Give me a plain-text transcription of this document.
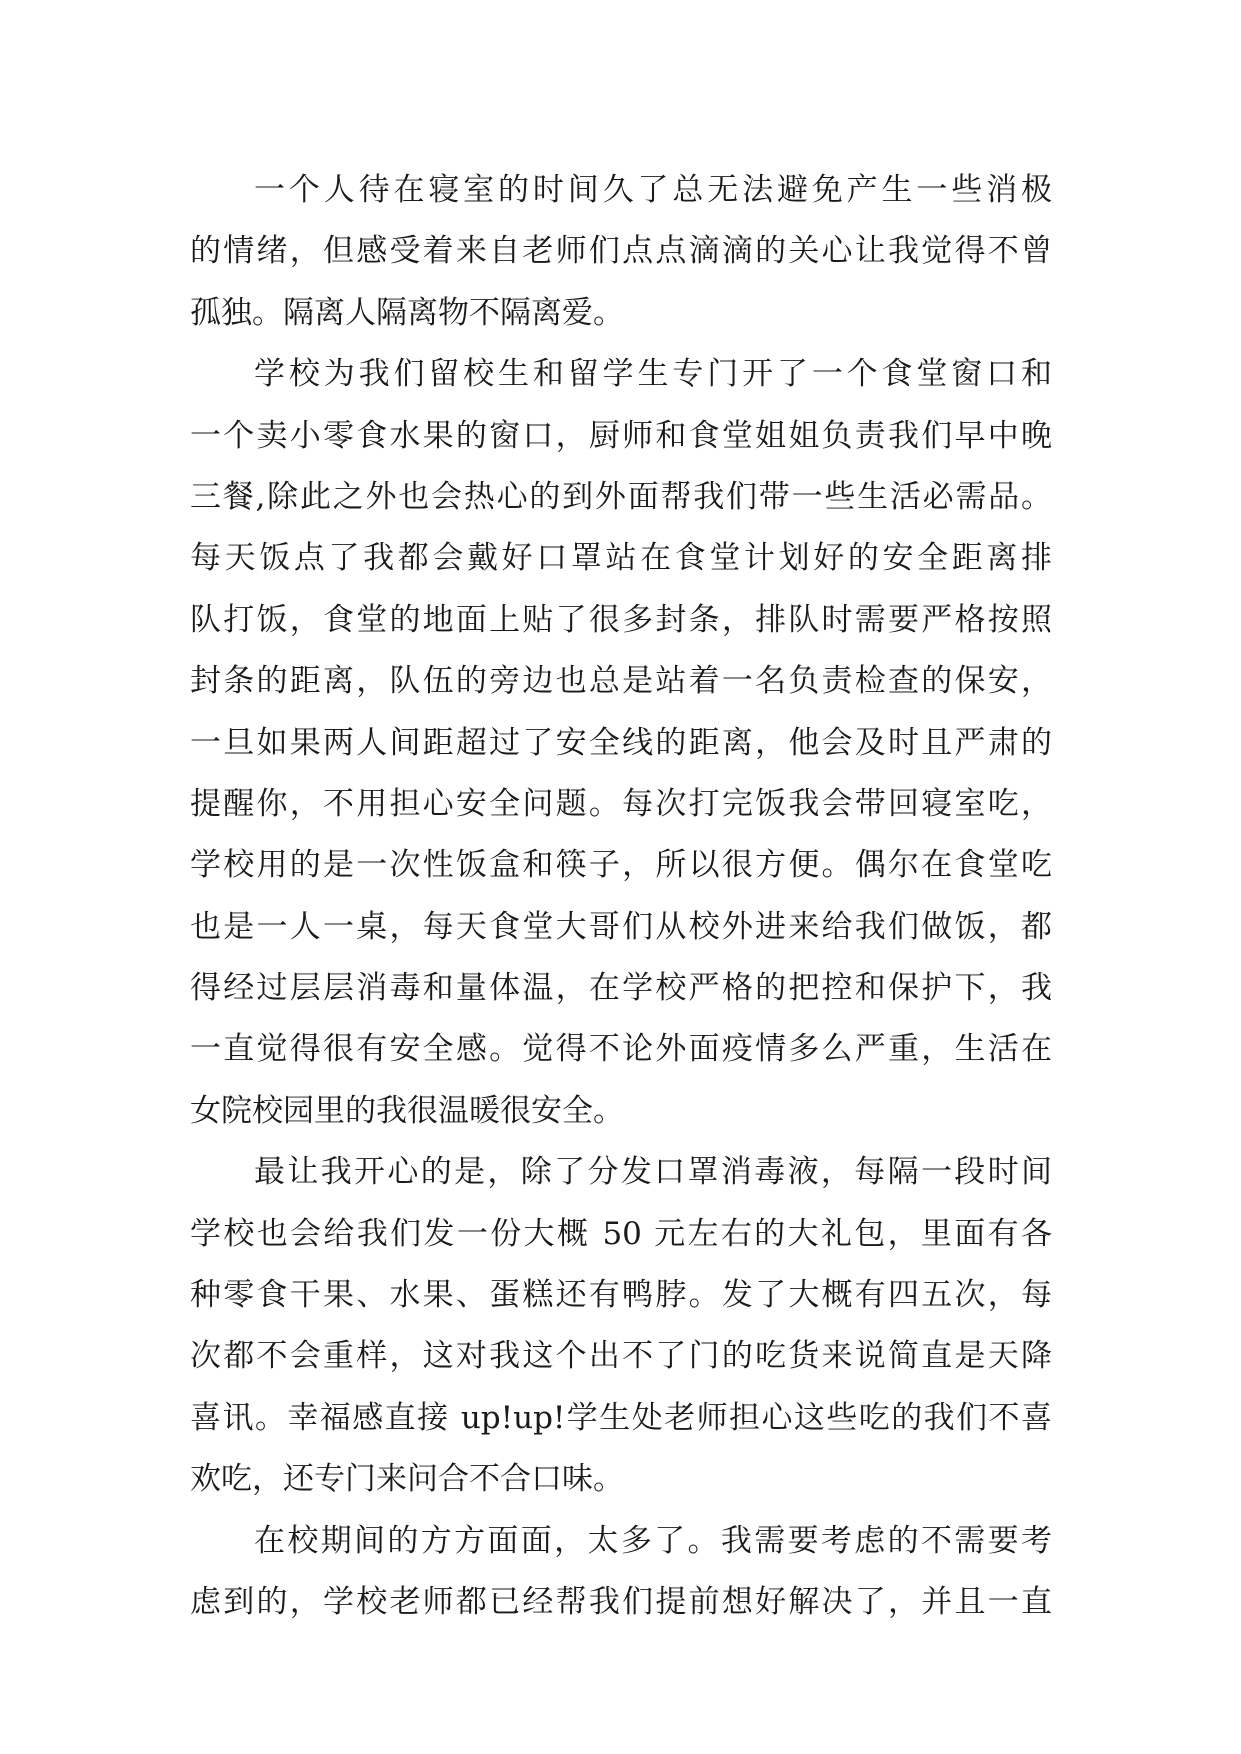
一个人待在寝室的时间久了总无法避免产生一些消极
的情绪，但感受着来自老师们点点滴滴的关心让我觉得不曾
孤独。隔离人隔离物不隔离爱。
学校为我们留校生和留学生专门开了一个食堂窗口和
一个卖小零食水果的窗口，厨师和食堂姐姐负责我们早中晚
三餐,除此之外也会热心的到外面帮我们带一些生活必需品。
每天饭点了我都会戴好口罩站在食堂计划好的安全距离排
队打饭，食堂的地面上贴了很多封条，排队时需要严格按照
封条的距离，队伍的旁边也总是站着一名负责检查的保安，
一旦如果两人间距超过了安全线的距离，他会及时且严肃的
提醒你，不用担心安全问题。每次打完饭我会带回寝室吃，
学校用的是一次性饭盒和筷子，所以很方便。偶尔在食堂吃
也是一人一桌，每天食堂大哥们从校外进来给我们做饭，都
得经过层层消毒和量体温，在学校严格的把控和保护下，我
一直觉得很有安全感。觉得不论外面疫情多么严重，生活在
女院校园里的我很温暖很安全。
最让我开心的是，除了分发口罩消毒液，每隔一段时间
学校也会给我们发一份大概 50 元左右的大礼包，里面有各
种零食干果、水果、蛋糕还有鸭脖。发了大概有四五次，每
次都不会重样，这对我这个出不了门的吃货来说简直是天降
喜讯。幸福感直接 up!up!学生处老师担心这些吃的我们不喜
欢吃，还专门来问合不合口味。
在校期间的方方面面，太多了。我需要考虑的不需要考
虑到的，学校老师都已经帮我们提前想好解决了，并且一直
